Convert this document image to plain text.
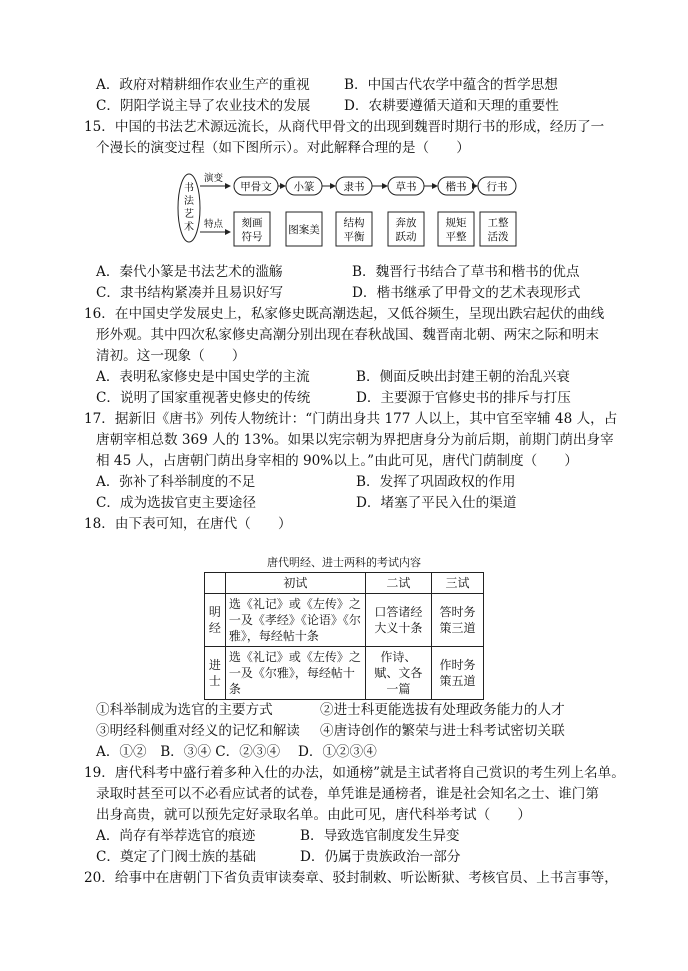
A．政府对精耕细作农业生产的重视	B．中国古代农学中蕴含的哲学思想
C．阴阳学说主导了农业技术的发展 D．农耕要遵循天道和天理的重要性
15．中国的书法艺术源远流长，从商代甲骨文的出现到魏晋时期行书的形成，经历了一
个漫长的演变过程（如下图所示）。对此解释合理的是（　　）
A．秦代小篆是书法艺术的滥觞	B．魏晋行书结合了草书和楷书的优点
C．隶书结构紧凑并且易识好写	D．楷书继承了甲骨文的艺术表现形式
16．在中国史学发展史上，私家修史既高潮迭起，又低谷频生，呈现出跌宕起伏的曲线
形外观。其中四次私家修史高潮分别出现在春秋战国、魏晋南北朝、两宋之际和明末
清初。这一现象（　　）
A．表明私家修史是中国史学的主流	B．侧面反映出封建王朝的治乱兴衰
C．说明了国家重视著史修史的传统	D．主要源于官修史书的排斥与打压
17．据新旧《唐书》列传人物统计：“门荫出身共 177 人以上，其中官至宰辅 48 人，占
唐朝宰相总数 369 人的 13%。如果以宪宗朝为界把唐身分为前后期，前期门荫出身宰
相 45 人，占唐朝门荫出身宰相的 90%以上。”由此可见，唐代门荫制度（　　）
A．弥补了科举制度的不足	B．发挥了巩固政权的作用
C．成为选拔官吏主要途径	D．堵塞了平民入仕的渠道
18．由下表可知，在唐代（　　）
①科举制成为选官的主要方式	②进士科更能选拔有处理政务能力的人才
③明经科侧重对经义的记忆和解读 ④唐诗创作的繁荣与进士科考试密切关联
A．①②　B．③④ C．②③④　 D．①②③④
19．唐代科考中盛行着多种入仕的办法，如通榜”就是主试者将自己赏识的考生列上名单。
录取时甚至可以不必看应试者的试卷，单凭谁是通榜者，谁是社会知名之士、谁门第
出身高贵，就可以预先定好录取名单。由此可见，唐代科举考试（　　）
A．尚存有举荐选官的痕迹	B．导致选官制度发生异变
C．奠定了门阀士族的基础	D．仍属于贵族政治一部分
20．给事中在唐朝门下省负责审读奏章、驳封制敕、听讼断狱、考核官员、上书言事等，
书
法
艺
术
演变
特点
甲骨文 小篆	隶书	草书	楷书 行书
刻画
符号
图案美
结构
平衡
奔放
跃动
规矩
平整
工整
活泼
唐代明经、进士两科的考试内容
	初试	二试	三试
明
经	选《礼记》或《左传》之一及《孝经》《论语》《尔雅》，每经帖十条	口答诸经大义十条	答时务策三道
进
士	选《礼记》或《左传》之一及《尔雅》，每经帖十条	作诗、赋、文各一篇	作时务策五道
